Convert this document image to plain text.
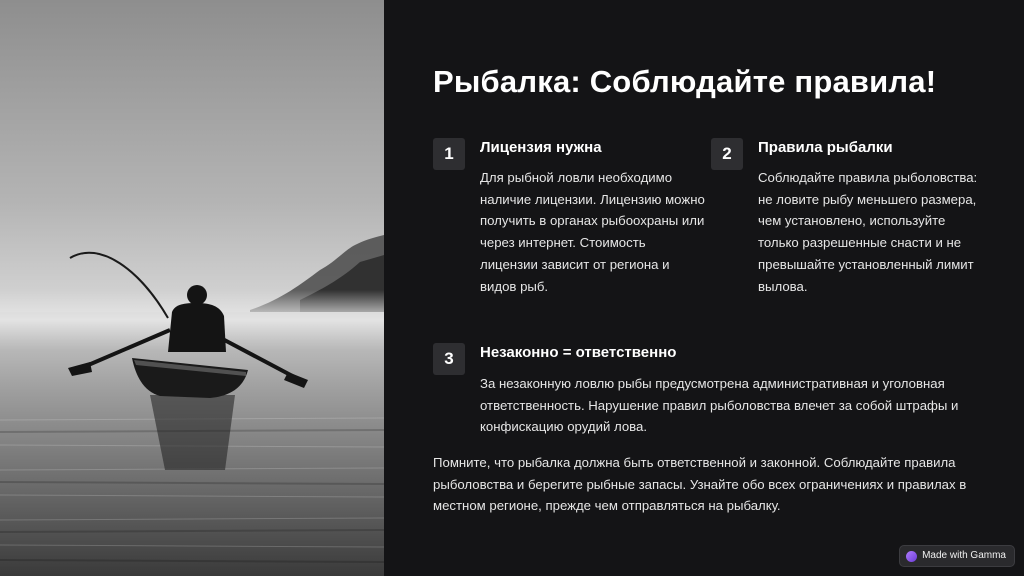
Рыбалка: Соблюдайте правила!
1	Лицензия нужна

Для рыбной ловли необходимо наличие лицензии. Лицензию можно получить в органах рыбоохраны или через интернет. Стоимость лицензии зависит от региона и видов рыб.

2	Правила рыбалки

Соблюдайте правила рыболовства: не ловите рыбу меньшего размера, чем установлено, используйте только разрешенные снасти и не превышайте установленный лимит вылова.

3	Незаконно = ответственно

За незаконную ловлю рыбы предусмотрена административная и уголовная ответственность. Нарушение правил рыболовства влечет за собой штрафы и конфискацию орудий лова.

Помните, что рыбалка должна быть ответственной и законной. Соблюдайте правила рыболовства и берегите рыбные запасы. Узнайте обо всех ограничениях и правилах в местном регионе, прежде чем отправляться на рыбалку.

Made with Gamma
